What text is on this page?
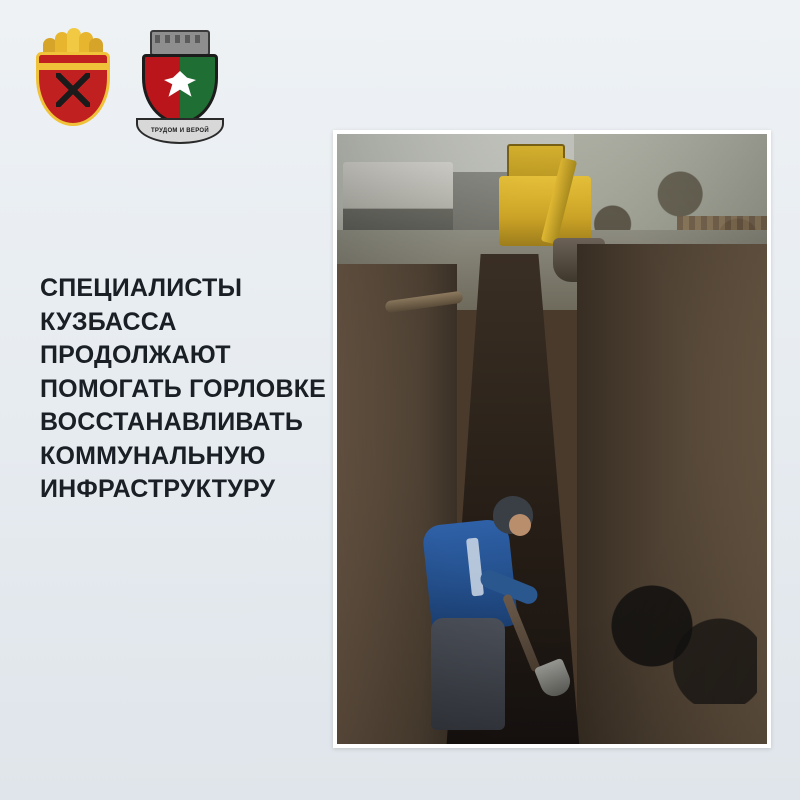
ТРУДОМ И ВЕРОЙ
СПЕЦИАЛИСТЫ КУЗБАССА ПРОДОЛЖАЮТ ПОМОГАТЬ ГОРЛОВКЕ ВОССТАНАВЛИВАТЬ КОММУНАЛЬНУЮ ИНФРАСТРУКТУРУ
